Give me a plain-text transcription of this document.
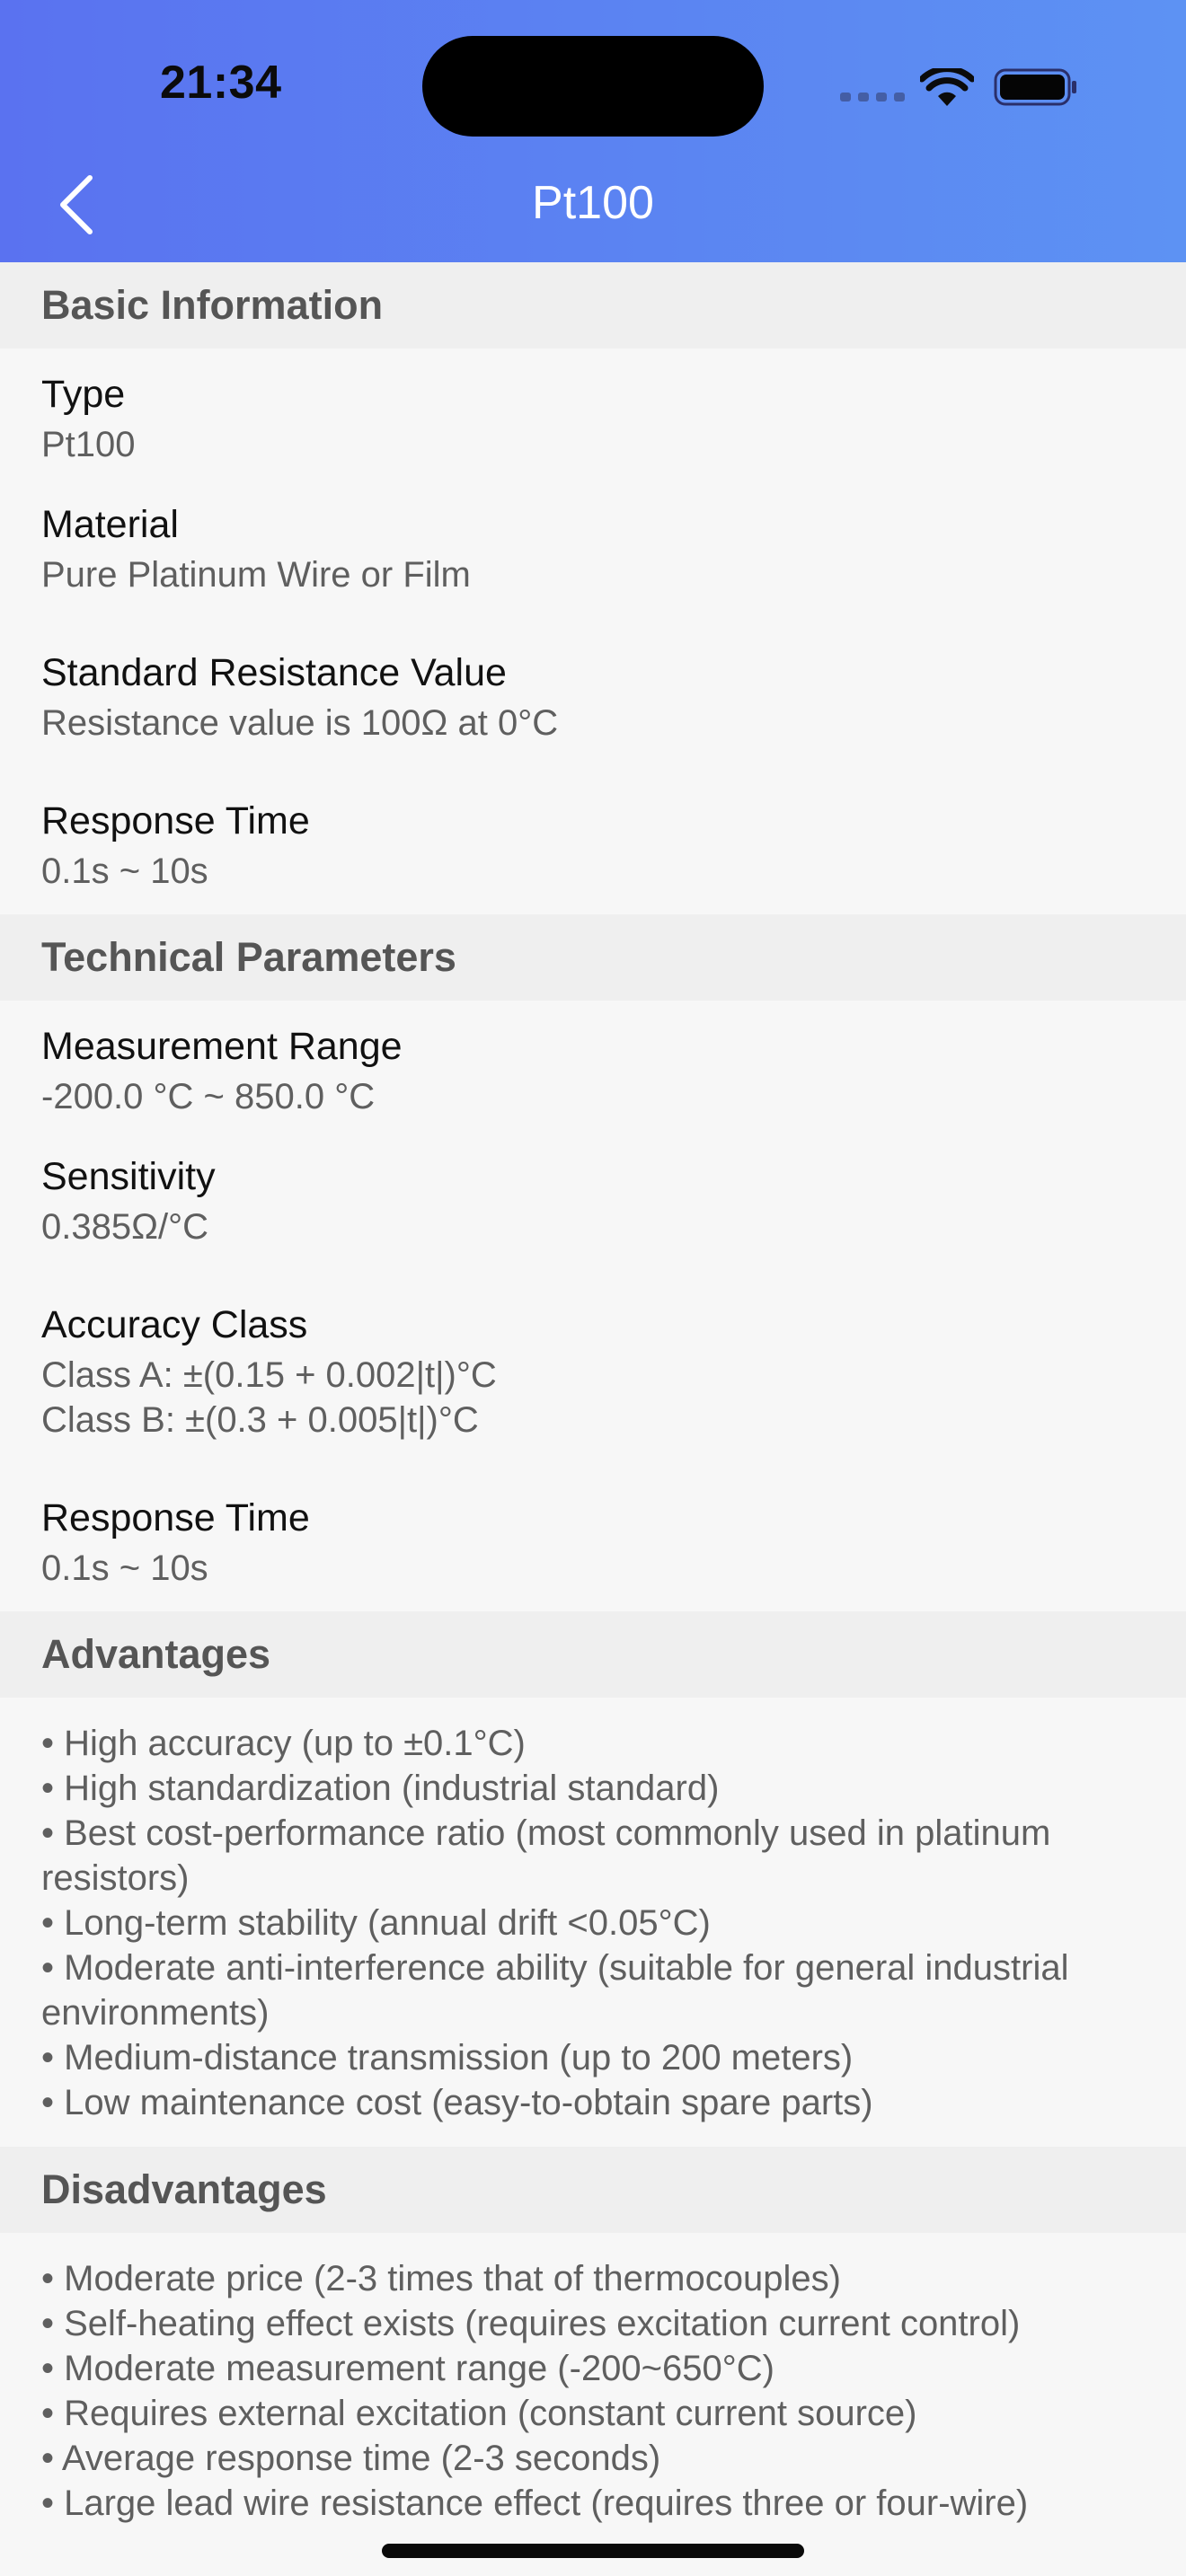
21:34
Pt100
Basic Information
Type
Pt100
Material
Pure Platinum Wire or Film
Standard Resistance Value
Resistance value is 100Ω at 0°C
Response Time
0.1s ~ 10s
Technical Parameters
Measurement Range
-200.0 °C ~ 850.0 °C
Sensitivity
0.385Ω/°C
Accuracy Class
Class A: ±(0.15 + 0.002|t|)°C
Class B: ±(0.3 + 0.005|t|)°C
Response Time
0.1s ~ 10s
Advantages
• High accuracy (up to ±0.1°C)
• High standardization (industrial standard)
• Best cost-performance ratio (most commonly used in platinum resistors)
• Long-term stability (annual drift <0.05°C)
• Moderate anti-interference ability (suitable for general industrial environments)
• Medium-distance transmission (up to 200 meters)
• Low maintenance cost (easy-to-obtain spare parts)
Disadvantages
• Moderate price (2-3 times that of thermocouples)
• Self-heating effect exists (requires excitation current control)
• Moderate measurement range (-200~650°C)
• Requires external excitation (constant current source)
• Average response time (2-3 seconds)
• Large lead wire resistance effect (requires three or four-wire)
